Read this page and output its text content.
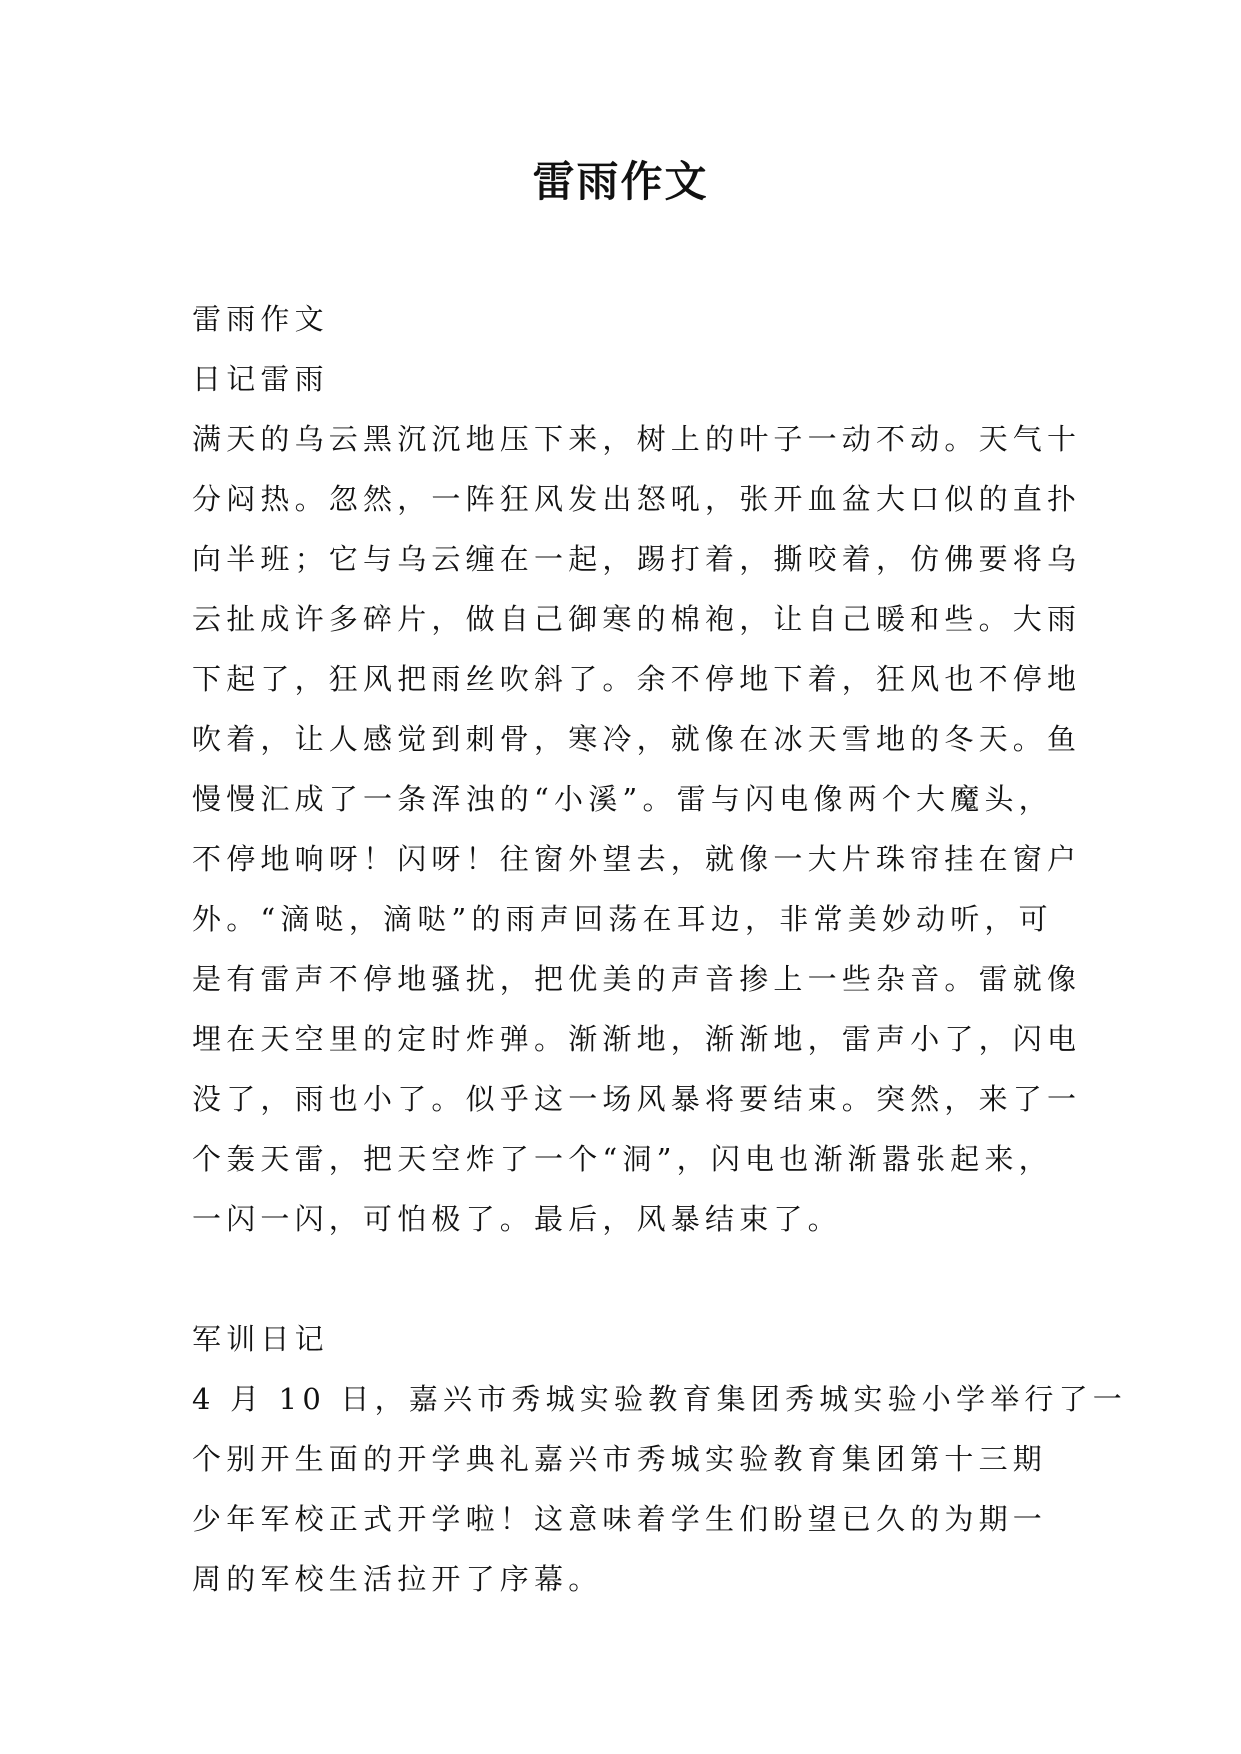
雷雨作文
雷雨作文
日记雷雨
满天的乌云黑沉沉地压下来，树上的叶子一动不动。天气十
分闷热。忽然，一阵狂风发出怒吼，张开血盆大口似的直扑
向半班；它与乌云缠在一起，踢打着，撕咬着，仿佛要将乌
云扯成许多碎片，做自己御寒的棉袍，让自己暖和些。大雨
下起了，狂风把雨丝吹斜了。余不停地下着，狂风也不停地
吹着，让人感觉到刺骨，寒冷，就像在冰天雪地的冬天。鱼
慢慢汇成了一条浑浊的“小溪”。雷与闪电像两个大魔头，
不停地响呀！闪呀！往窗外望去，就像一大片珠帘挂在窗户
外。“滴哒，滴哒”的雨声回荡在耳边，非常美妙动听，可
是有雷声不停地骚扰，把优美的声音掺上一些杂音。雷就像
埋在天空里的定时炸弹。渐渐地，渐渐地，雷声小了，闪电
没了，雨也小了。似乎这一场风暴将要结束。突然，来了一
个轰天雷，把天空炸了一个“洞”，闪电也渐渐嚣张起来，
一闪一闪，可怕极了。最后，风暴结束了。
军训日记
4 月 10 日，嘉兴市秀城实验教育集团秀城实验小学举行了一
个别开生面的开学典礼嘉兴市秀城实验教育集团第十三期
少年军校正式开学啦！这意味着学生们盼望已久的为期一
周的军校生活拉开了序幕。
